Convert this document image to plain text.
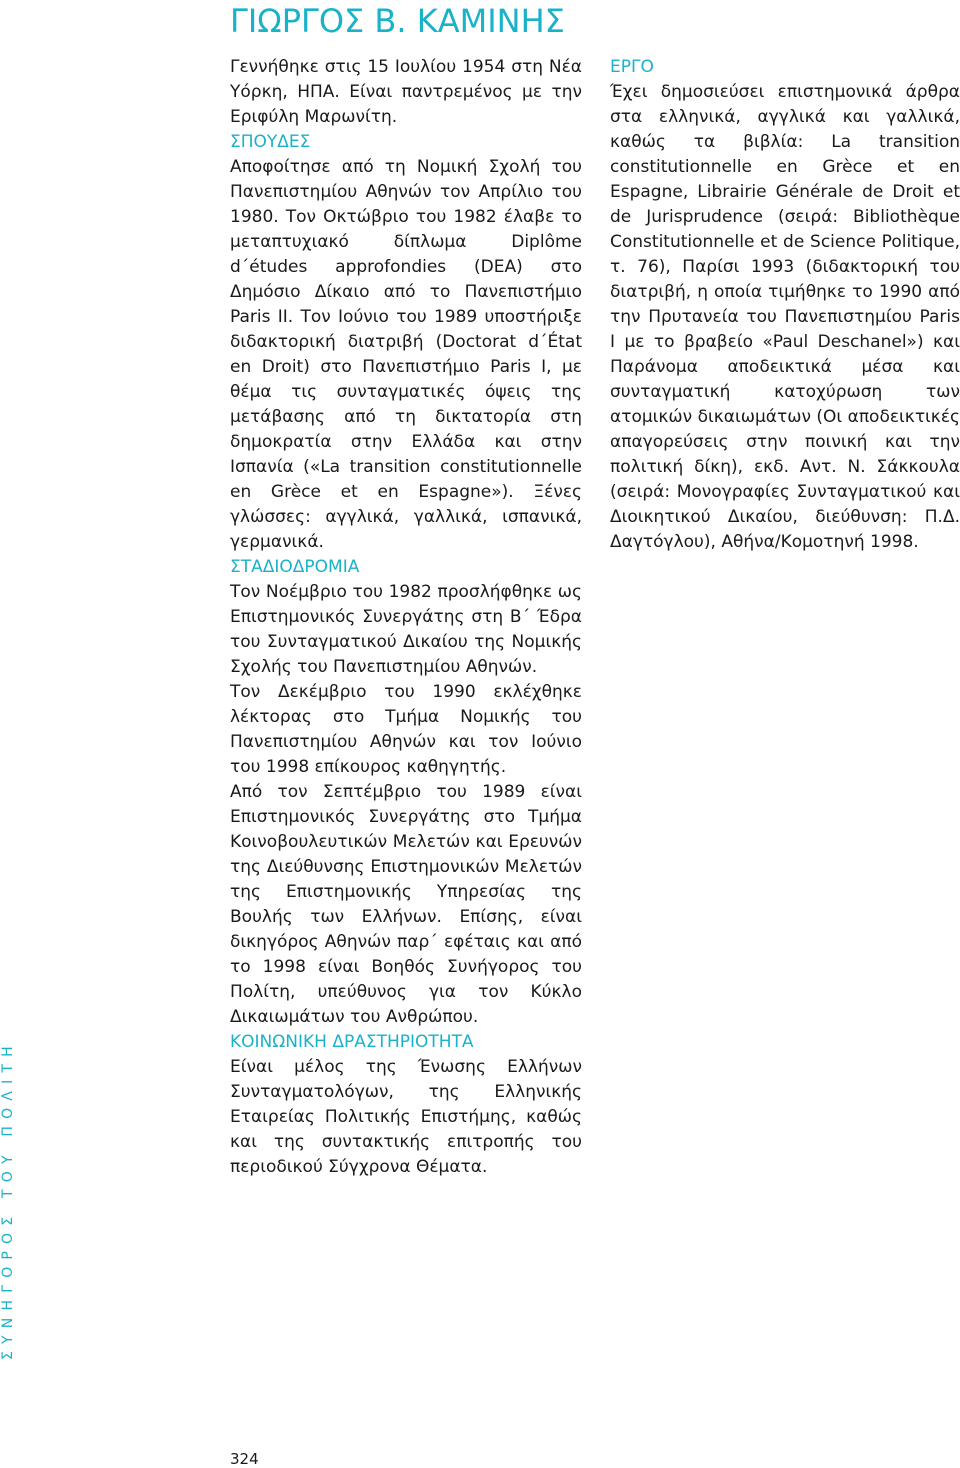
ΓΙΩΡΓΟΣ Β. ΚΑΜΙΝΗΣ

Γεννήθηκε στις 15 Ιουλίου 1954 στη Νέα Υόρκη, ΗΠΑ. Είναι παντρεμένος με την Εριφύλη Μαρωνίτη.

ΣΠΟΥΔΕΣ

Αποφοίτησε από τη Νομική Σχολή του Πανεπιστημίου Αθηνών τον Απρίλιο του 1980. Τον Οκτώβριο του 1982 έλαβε το μεταπτυχιακό δίπλωμα Diplôme d΄études approfondies (DEA) στο Δημόσιο Δίκαιο από το Πανεπιστήμιο Paris II. Τον Ιούνιο του 1989 υποστήριξε διδακτορική διατριβή (Doctorat d΄État en Droit) στο Πανεπιστήμιο Paris I, με θέμα τις συνταγματικές όψεις της μετάβασης από τη δικτατορία στη δημοκρατία στην Ελλάδα και στην Ισπανία («La transition constitutionnelle en Grèce et en Espagne»). Ξένες γλώσσες: αγγλικά, γαλλικά, ισπανικά, γερμανικά.

ΣΤΑΔΙΟΔΡΟΜΙΑ

Τον Νοέμβριο του 1982 προσλήφθηκε ως Επιστημονικός Συνεργάτης στη Β΄ Έδρα του Συνταγματικού Δικαίου της Νομικής Σχολής του Πανεπιστημίου Αθηνών.

Τον Δεκέμβριο του 1990 εκλέχθηκε λέκτορας στο Τμήμα Νομικής του Πανεπιστημίου Αθηνών και τον Ιούνιο του 1998 επίκουρος καθηγητής.

Από τον Σεπτέμβριο του 1989 είναι Επιστημονικός Συνεργάτης στο Τμήμα Κοινοβουλευτικών Μελετών και Ερευνών της Διεύθυνσης Επιστημονικών Μελετών της Επιστημονικής Υπηρεσίας της Βουλής των Ελλήνων. Επίσης, είναι δικηγόρος Αθηνών παρ΄ εφέταις και από το 1998 είναι Βοηθός Συνήγορος του Πολίτη, υπεύθυνος για τον Κύκλο Δικαιωμάτων του Ανθρώπου.

ΚΟΙΝΩΝΙΚΗ ΔΡΑΣΤΗΡΙΟΤΗΤΑ

Είναι μέλος της Ένωσης Ελλήνων Συνταγματολόγων, της Ελληνικής Εταιρείας Πολιτικής Επιστήμης, καθώς και της συντακτικής επιτροπής του περιοδικού Σύγχρονα Θέματα.

ΕΡΓΟ

Έχει δημοσιεύσει επιστημονικά άρθρα στα ελληνικά, αγγλικά και γαλλικά, καθώς τα βιβλία: La transition constitutionnelle en Grèce et en Espagne, Librairie Générale de Droit et de Jurisprudence (σειρά: Bibliothèque Constitutionnelle et de Science Politique, τ. 76), Παρίσι 1993 (διδακτορική του διατριβή, η οποία τιμήθηκε το 1990 από την Πρυτανεία του Πανεπιστημίου Paris I με το βραβείο «Paul Deschanel») και Παράνομα αποδεικτικά μέσα και συνταγματική κατοχύρωση των ατομικών δικαιωμάτων (Οι αποδεικτικές απαγορεύσεις στην ποινική και την πολιτική δίκη), εκδ. Αντ. Ν. Σάκκουλα (σειρά: Μονογραφίες Συνταγματικού και Διοικητικού Δικαίου, διεύθυνση: Π.Δ. Δαγτόγλου), Αθήνα/Κομοτηνή 1998.

ΣΥΝΗΓΟΡΟΣ ΤΟΥ ΠΟΛΙΤΗ

324
